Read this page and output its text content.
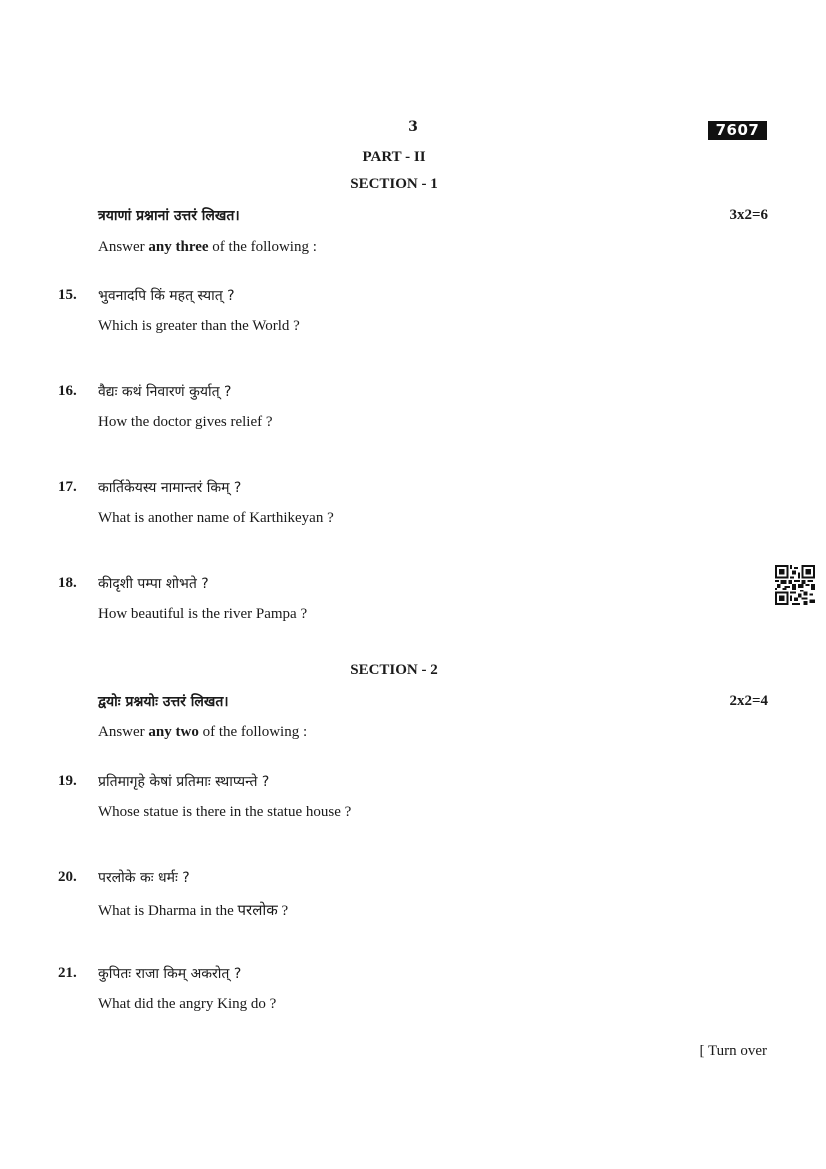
3	7607
PART - II
SECTION - 1
त्रयाणां प्रश्नानां उत्तरं लिखत।	3x2=6
Answer any three of the following :
15. भुवनादपि किं महत् स्यात् ?
Which is greater than the World ?
16. वैद्यः कथं निवारणं कुर्यात् ?
How the doctor gives relief ?
17. कार्तिकेयस्य नामान्तरं किम् ?
What is another name of Karthikeyan ?
18. कीदृशी पम्पा शोभते ?
How beautiful is the river Pampa ?
SECTION - 2
द्वयोः प्रश्नयोः उत्तरं लिखत।	2x2=4
Answer any two of the following :
19. प्रतिमागृहे केषां प्रतिमाः स्थाप्यन्ते ?
Whose statue is there in the statue house ?
20. परलोके कः धर्मः ?
What is Dharma in the परलोक ?
21. कुपितः राजा किम् अकरोत् ?
What did the angry King do ?
[ Turn over
